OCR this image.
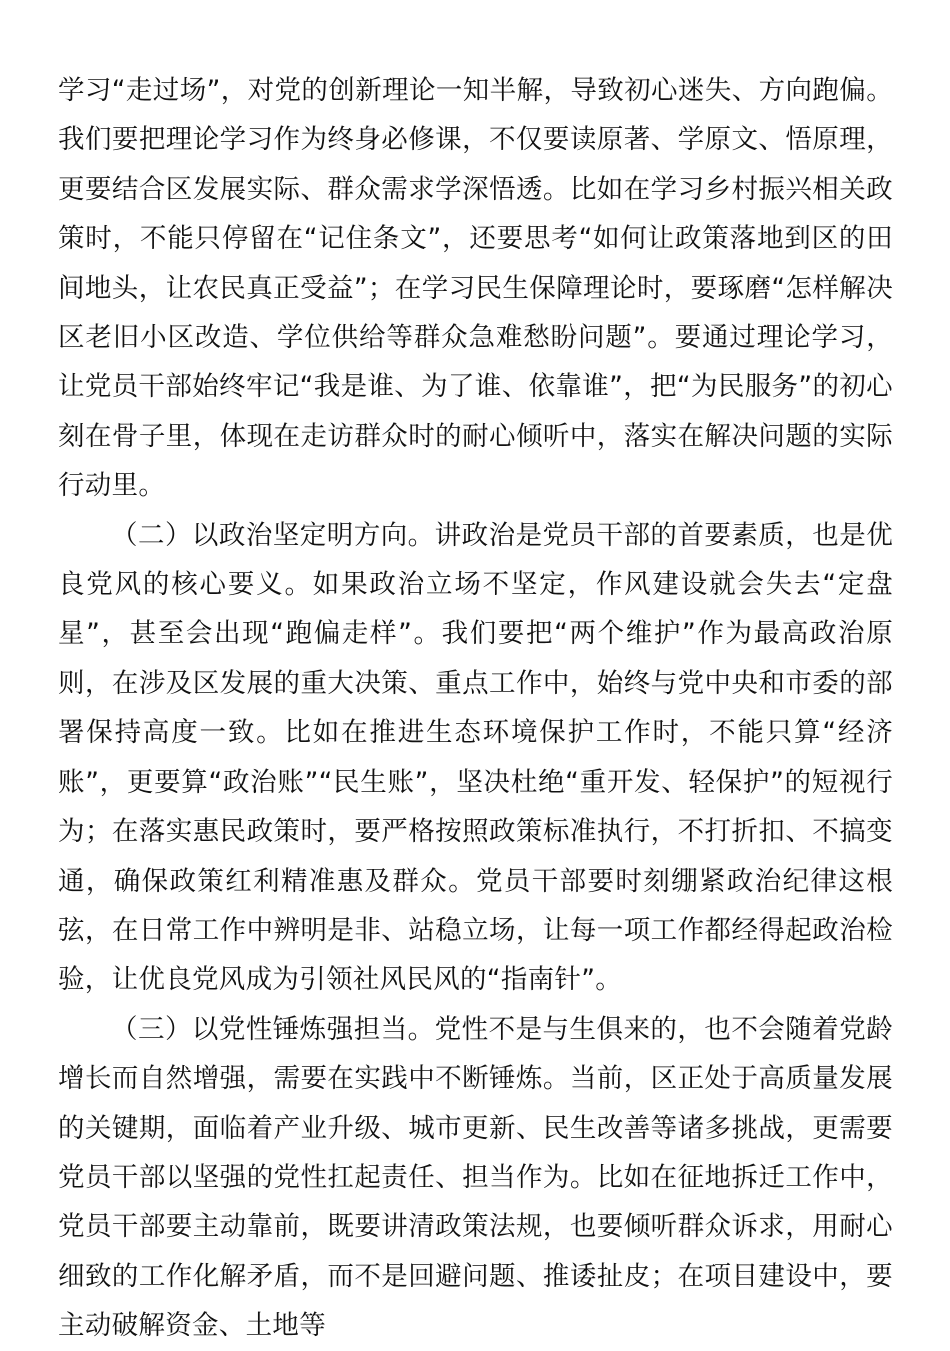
学习“走过场”，对党的创新理论一知半解，导致初心迷失、方向跑偏。我们要把理论学习作为终身必修课，不仅要读原著、学原文、悟原理，更要结合区发展实际、群众需求学深悟透。比如在学习乡村振兴相关政策时，不能只停留在“记住条文”，还要思考“如何让政策落地到区的田间地头，让农民真正受益”；在学习民生保障理论时，要琢磨“怎样解决区老旧小区改造、学位供给等群众急难愁盼问题”。要通过理论学习，让党员干部始终牢记“我是谁、为了谁、依靠谁”，把“为民服务”的初心刻在骨子里，体现在走访群众时的耐心倾听中，落实在解决问题的实际行动里。

（二）以政治坚定明方向。讲政治是党员干部的首要素质，也是优良党风的核心要义。如果政治立场不坚定，作风建设就会失去“定盘星”，甚至会出现“跑偏走样”。我们要把“两个维护”作为最高政治原则，在涉及区发展的重大决策、重点工作中，始终与党中央和市委的部署保持高度一致。比如在推进生态环境保护工作时，不能只算“经济账”，更要算“政治账”“民生账”，坚决杜绝“重开发、轻保护”的短视行为；在落实惠民政策时，要严格按照政策标准执行，不打折扣、不搞变通，确保政策红利精准惠及群众。党员干部要时刻绷紧政治纪律这根弦，在日常工作中辨明是非、站稳立场，让每一项工作都经得起政治检验，让优良党风成为引领社风民风的“指南针”。

（三）以党性锤炼强担当。党性不是与生俱来的，也不会随着党龄增长而自然增强，需要在实践中不断锤炼。当前，区正处于高质量发展的关键期，面临着产业升级、城市更新、民生改善等诸多挑战，更需要党员干部以坚强的党性扛起责任、担当作为。比如在征地拆迁工作中，党员干部要主动靠前，既要讲清政策法规，也要倾听群众诉求，用耐心细致的工作化解矛盾，而不是回避问题、推诿扯皮；在项目建设中，要主动破解资金、土地等
